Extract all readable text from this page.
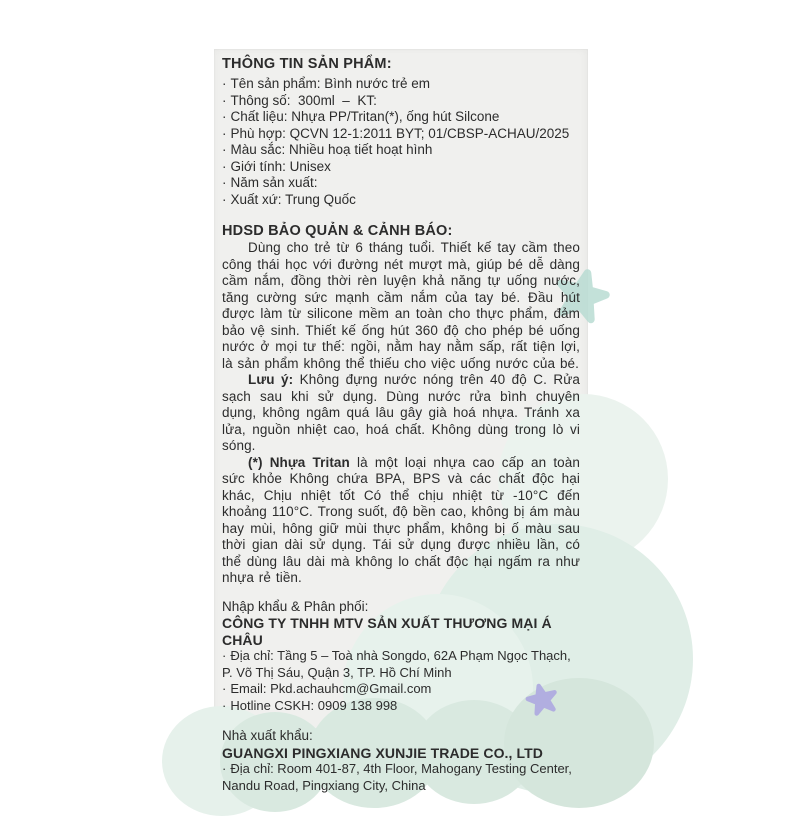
THÔNG TIN SẢN PHẨM:
· Tên sản phẩm: Bình nước trẻ em
· Thông số:  300ml  –  KT:
· Chất liệu: Nhựa PP/Tritan(*), ống hút Silcone
· Phù hợp: QCVN 12-1:2011 BYT; 01/CBSP-ACHAU/2025
· Màu sắc: Nhiều hoạ tiết hoạt hình
· Giới tính: Unisex
· Năm sản xuất:
· Xuất xứ: Trung Quốc
HDSD BẢO QUẢN & CẢNH BÁO:

Dùng cho trẻ từ 6 tháng tuổi. Thiết kế tay cầm theo công thái học với đường nét mượt mà, giúp bé dễ dàng cầm nắm, đồng thời rèn luyện khả năng tự uống nước, tăng cường sức mạnh cầm nắm của tay bé. Đầu hút được làm từ silicone mềm an toàn cho thực phẩm, đảm bảo vệ sinh. Thiết kế ống hút 360 độ cho phép bé uống nước ở mọi tư thế: ngồi, nằm hay nằm sấp, rất tiện lợi, là sản phẩm không thể thiếu cho việc uống nước của bé.

Lưu ý: Không đựng nước nóng trên 40 độ C. Rửa sạch sau khi sử dụng. Dùng nước rửa bình chuyên dụng, không ngâm quá lâu gây già hoá nhựa. Tránh xa lửa, nguồn nhiệt cao, hoá chất. Không dùng trong lò vi sóng.

(*) Nhựa Tritan là một loại nhựa cao cấp an toàn sức khỏe Không chứa BPA, BPS và các chất độc hại khác, Chịu nhiệt tốt Có thể chịu nhiệt từ -10°C đến khoảng 110°C. Trong suốt, độ bền cao, không bị ám màu hay mùi, hông giữ mùi thực phẩm, không bị ố màu sau thời gian dài sử dụng. Tái sử dụng được nhiều lần, có thể dùng lâu dài mà không lo chất độc hại ngấm ra như nhựa rẻ tiền.

Nhập khẩu & Phân phối:
CÔNG TY TNHH MTV SẢN XUẤT THƯƠNG MẠI Á CHÂU
· Địa chỉ: Tầng 5 – Toà nhà Songdo, 62A Phạm Ngọc Thạch,
P. Võ Thị Sáu, Quận 3, TP. Hồ Chí Minh
· Email: Pkd.achauhcm@Gmail.com
· Hotline CSKH: 0909 138 998
Nhà xuất khẩu:
GUANGXI PINGXIANG XUNJIE TRADE CO., LTD
· Địa chỉ: Room 401-87, 4th Floor, Mahogany Testing Center,
Nandu Road, Pingxiang City, China
